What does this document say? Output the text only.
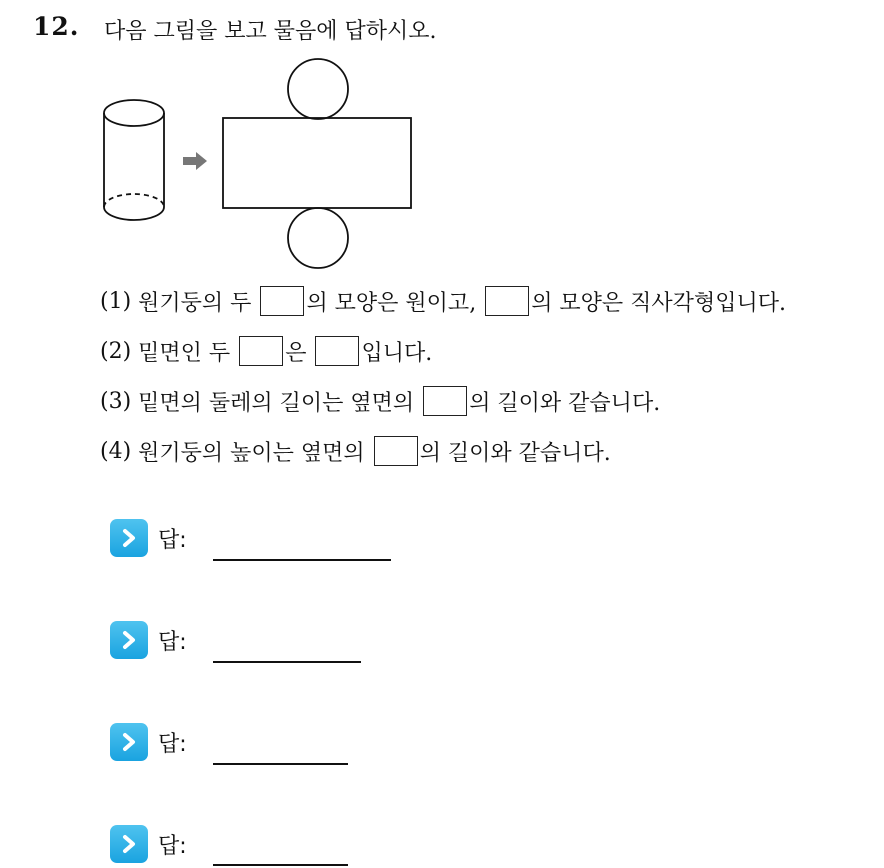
12. 다음 그림을 보고 물음에 답하시오.
(1)
원기둥의 두
	의 모양은 원이고,
	의 모양은 직사각형입니다.
(2)
밑면인 두
	은
	입니다.
(3)
밑면의 둘레의 길이는 옆면의
	의 길이와 같습니다.
(4)
원기둥의 높이는 옆면의
	의 길이와 같습니다.
답:
답:
답:
답:
